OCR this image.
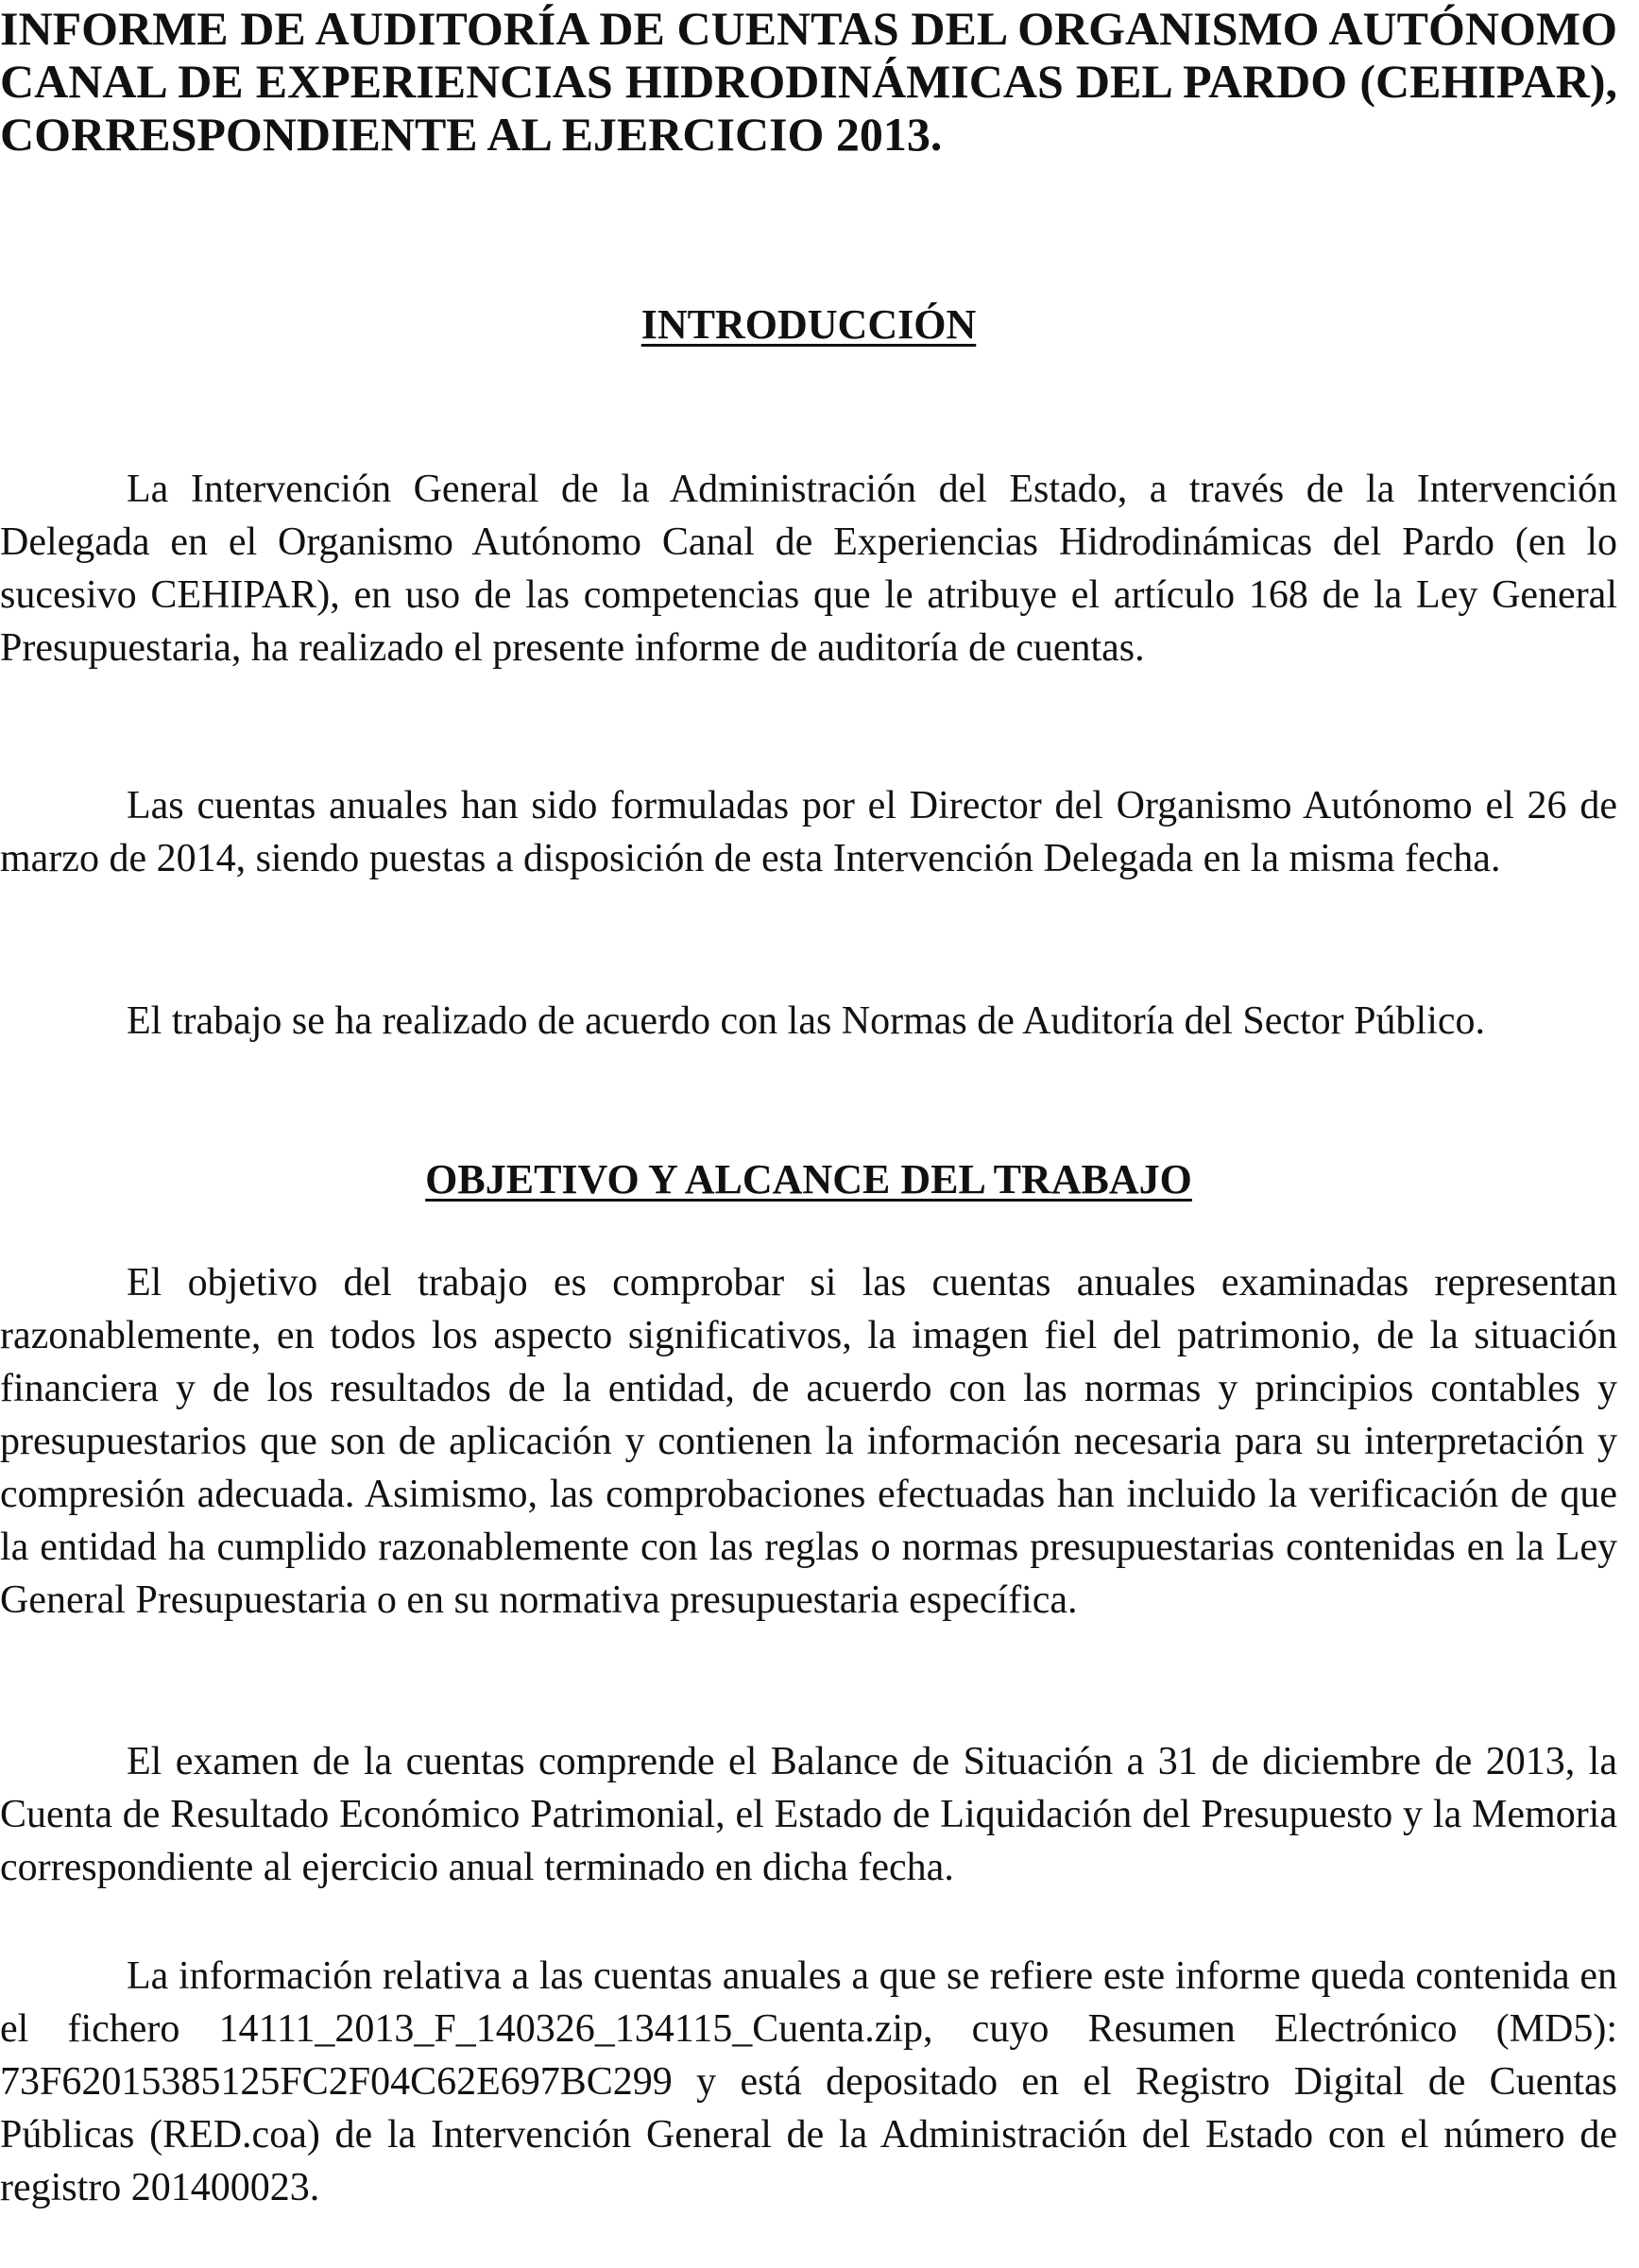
INFORME DE AUDITORÍA DE CUENTAS DEL ORGANISMO AUTÓNOMO CANAL DE EXPERIENCIAS HIDRODINÁMICAS DEL PARDO (CEHIPAR), CORRESPONDIENTE AL EJERCICIO 2013.
INTRODUCCIÓN

La Intervención General de la Administración del Estado, a través de la Intervención Delegada en el Organismo Autónomo Canal de Experiencias Hidrodinámicas del Pardo (en lo sucesivo CEHIPAR), en uso de las competencias que le atribuye el artículo 168 de la Ley General Presupuestaria, ha realizado el presente informe de auditoría de cuentas.

Las cuentas anuales han sido formuladas por el Director del Organismo Autónomo el 26 de marzo de 2014, siendo puestas a disposición de esta Intervención Delegada en la misma fecha.

El trabajo se ha realizado de acuerdo con las Normas de Auditoría del Sector Público.

OBJETIVO Y ALCANCE DEL TRABAJO

El objetivo del trabajo es comprobar si las cuentas anuales examinadas representan razonablemente, en todos los aspecto significativos, la imagen fiel del patrimonio, de la situación financiera y de los resultados de la entidad, de acuerdo con las normas y principios contables y presupuestarios que son de aplicación y contienen la información necesaria para su interpretación y compresión adecuada. Asimismo, las comprobaciones efectuadas han incluido la verificación de que la entidad ha cumplido razonablemente con las reglas o normas presupuestarias contenidas en la Ley General Presupuestaria o en su normativa presupuestaria específica.

El examen de la cuentas comprende el Balance de Situación a 31 de diciembre de 2013, la Cuenta de Resultado Económico Patrimonial, el Estado de Liquidación del Presupuesto y la Memoria correspondiente al ejercicio anual terminado en dicha fecha.

La información relativa a las cuentas anuales a que se refiere este informe queda contenida en el fichero 14111_2013_F_140326_134115_Cuenta.zip, cuyo Resumen Electrónico (MD5): 73F62015385125FC2F04C62E697BC299 y está depositado en el Registro Digital de Cuentas Públicas (RED.coa) de la Intervención General de la Administración del Estado con el número de registro 201400023.
